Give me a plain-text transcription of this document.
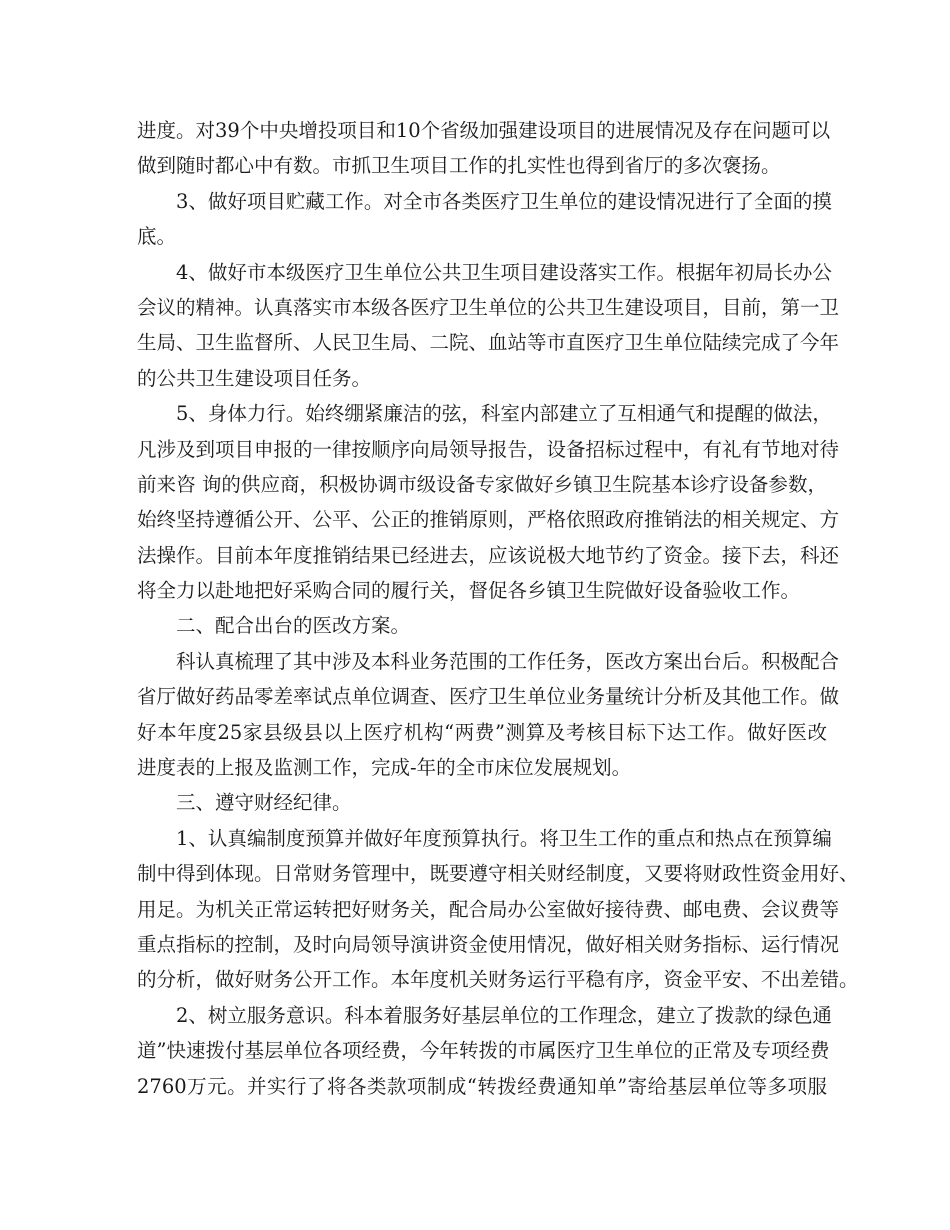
进度。对39个中央增投项目和10个省级加强建设项目的进展情况及存在问题可以
做到随时都心中有数。市抓卫生项目工作的扎实性也得到省厅的多次褒扬。
3、做好项目贮藏工作。对全市各类医疗卫生单位的建设情况进行了全面的摸
底。
4、做好市本级医疗卫生单位公共卫生项目建设落实工作。根据年初局长办公
会议的精神。认真落实市本级各医疗卫生单位的公共卫生建设项目，目前，第一卫
生局、卫生监督所、人民卫生局、二院、血站等市直医疗卫生单位陆续完成了今年
的公共卫生建设项目任务。
5、身体力行。始终绷紧廉洁的弦，科室内部建立了互相通气和提醒的做法，
凡涉及到项目申报的一律按顺序向局领导报告，设备招标过程中，有礼有节地对待
前来咨 询的供应商，积极协调市级设备专家做好乡镇卫生院基本诊疗设备参数，
始终坚持遵循公开、公平、公正的推销原则，严格依照政府推销法的相关规定、方
法操作。目前本年度推销结果已经进去，应该说极大地节约了资金。接下去，科还
将全力以赴地把好采购合同的履行关，督促各乡镇卫生院做好设备验收工作。
二、配合出台的医改方案。
科认真梳理了其中涉及本科业务范围的工作任务，医改方案出台后。积极配合
省厅做好药品零差率试点单位调查、医疗卫生单位业务量统计分析及其他工作。做
好本年度25家县级县以上医疗机构“两费”测算及考核目标下达工作。做好医改
进度表的上报及监测工作，完成-年的全市床位发展规划。
三、遵守财经纪律。
1、认真编制度预算并做好年度预算执行。将卫生工作的重点和热点在预算编
制中得到体现。日常财务管理中，既要遵守相关财经制度，又要将财政性资金用好、
用足。为机关正常运转把好财务关，配合局办公室做好接待费、邮电费、会议费等
重点指标的控制，及时向局领导演讲资金使用情况，做好相关财务指标、运行情况
的分析，做好财务公开工作。本年度机关财务运行平稳有序，资金平安、不出差错。
2、树立服务意识。科本着服务好基层单位的工作理念，建立了拨款的绿色通
道”快速拨付基层单位各项经费，今年转拨的市属医疗卫生单位的正常及专项经费
2760万元。并实行了将各类款项制成“转拨经费通知单”寄给基层单位等多项服
